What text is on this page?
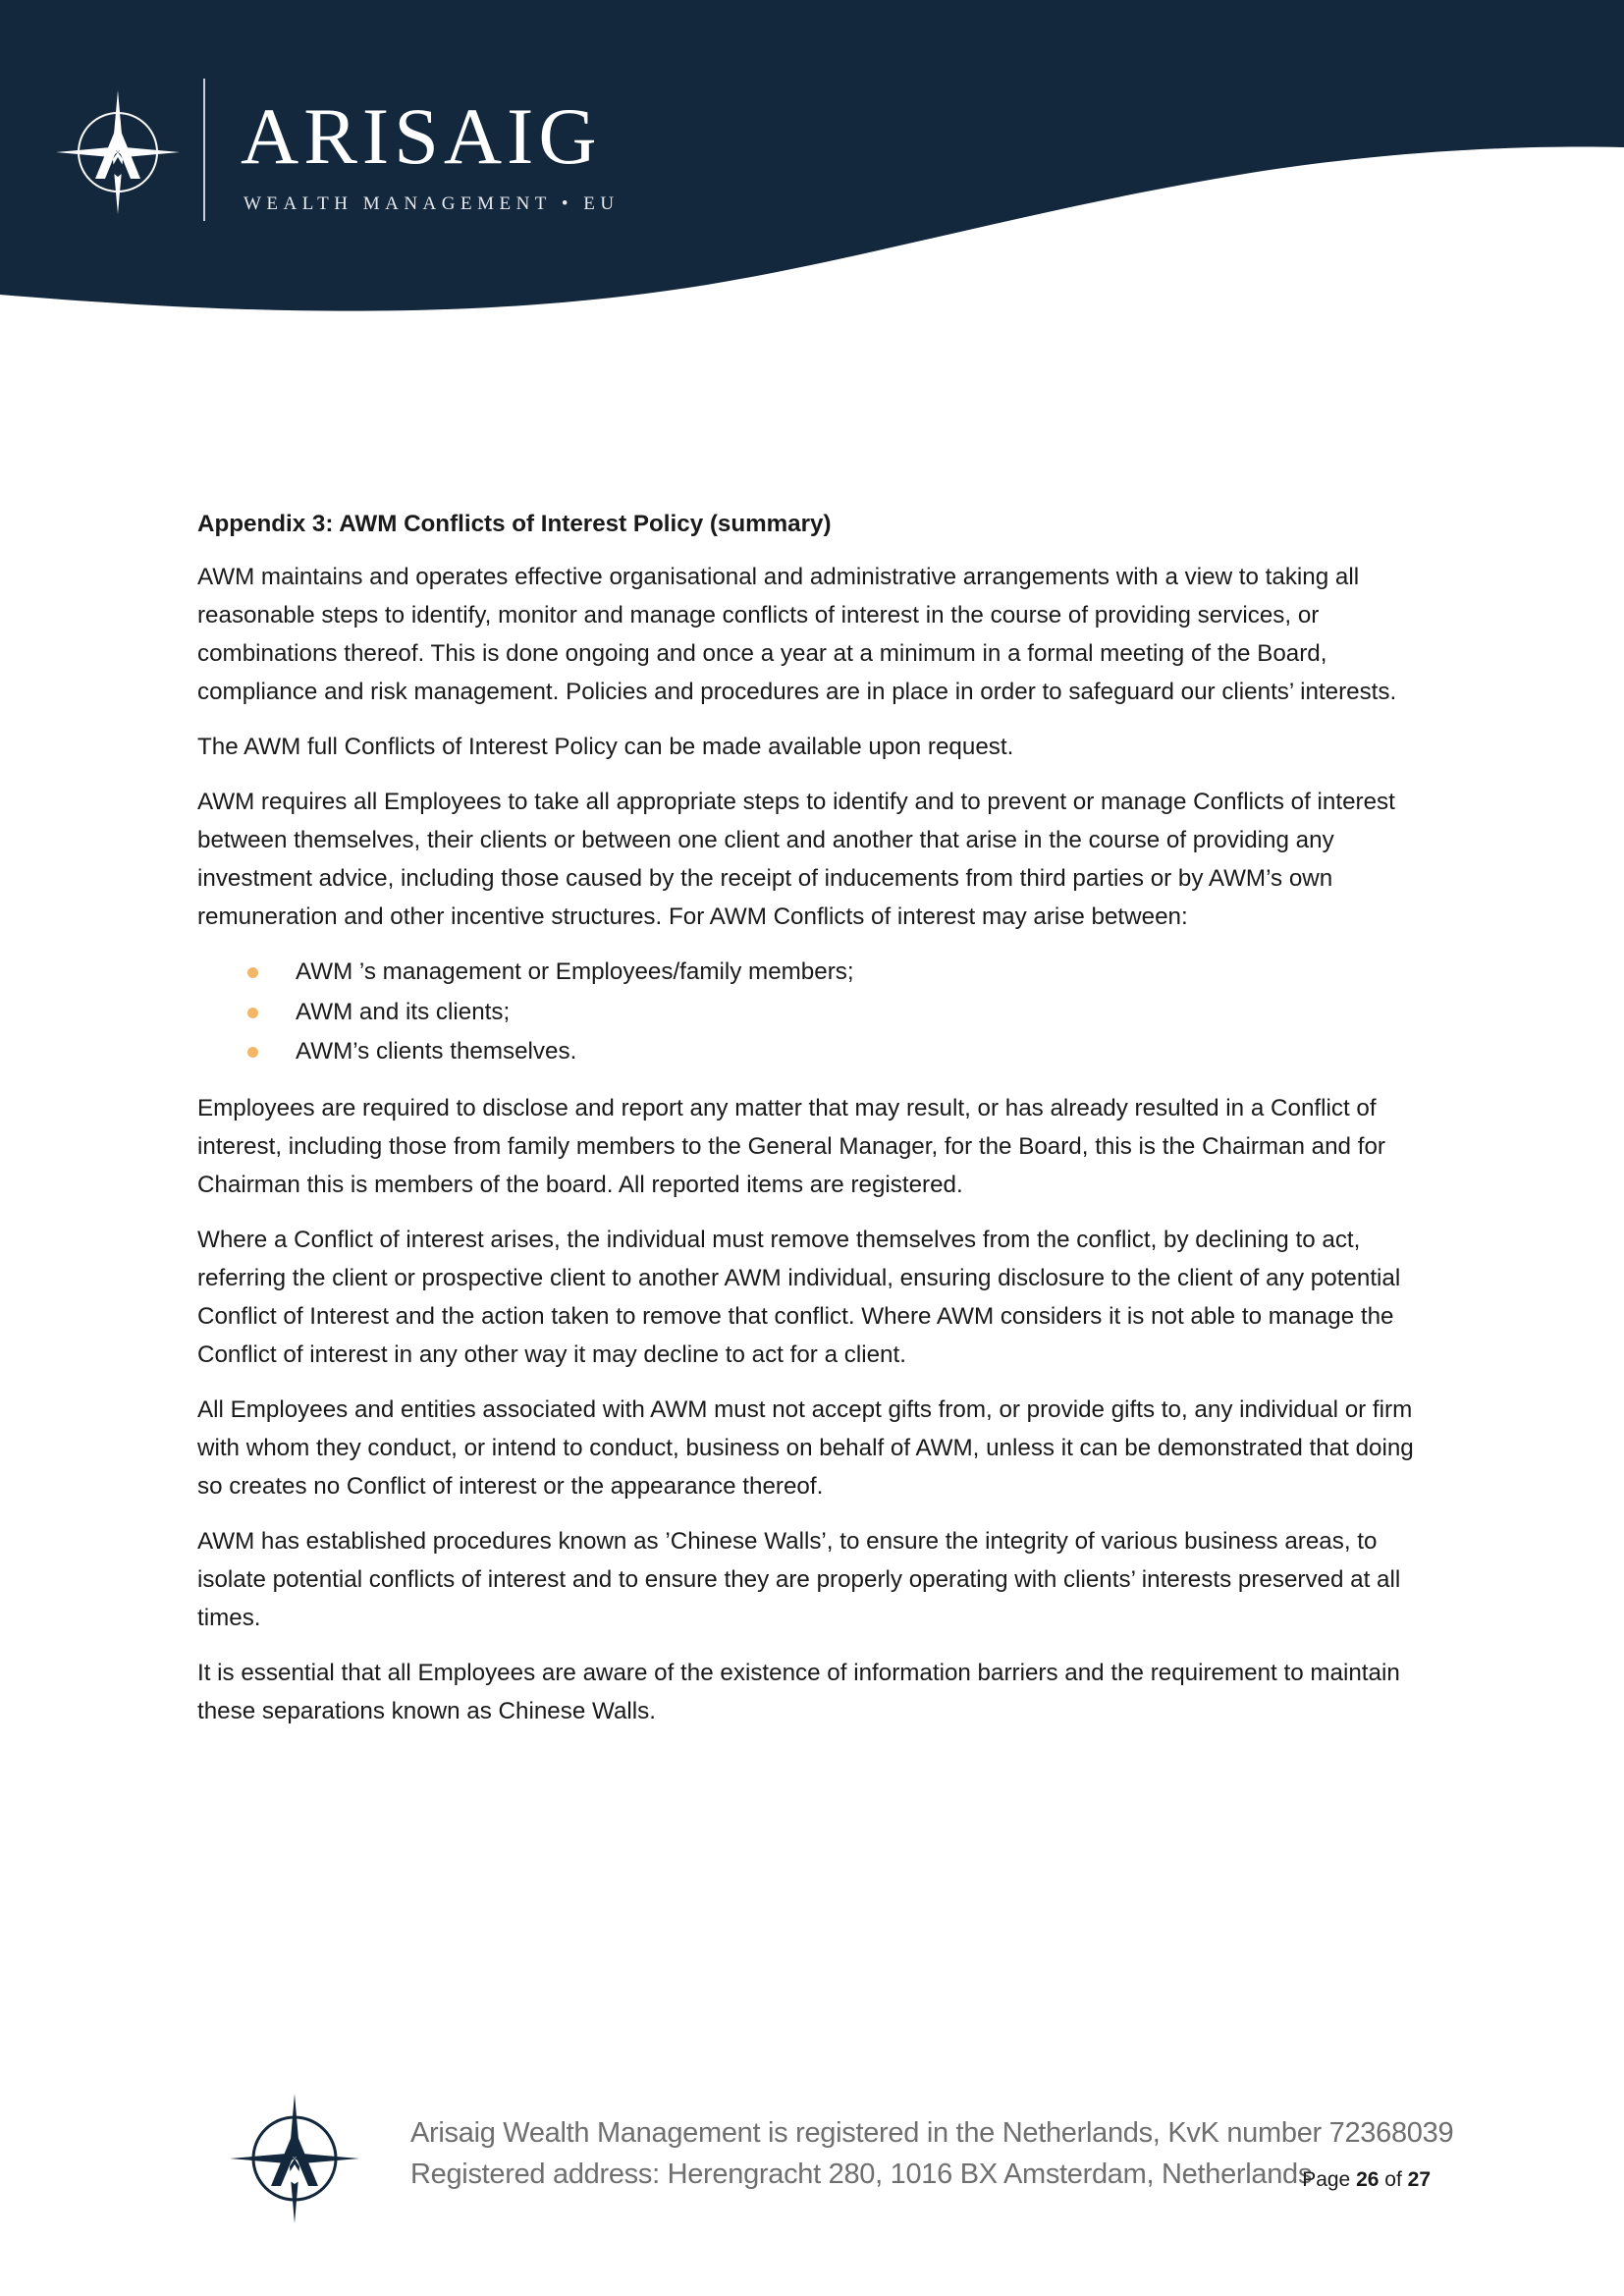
ARISAIG
WEALTH MANAGEMENT • EU
Appendix 3: AWM Conflicts of Interest Policy (summary)

AWM maintains and operates effective organisational and administrative arrangements with a view to taking all reasonable steps to identify, monitor and manage conflicts of interest in the course of providing services, or combinations thereof. This is done ongoing and once a year at a minimum in a formal meeting of the Board, compliance and risk management. Policies and procedures are in place in order to safeguard our clients’ interests.

The AWM full Conflicts of Interest Policy can be made available upon request.

AWM requires all Employees to take all appropriate steps to identify and to prevent or manage Conflicts of interest between themselves, their clients or between one client and another that arise in the course of providing any investment advice, including those caused by the receipt of inducements from third parties or by AWM’s own remuneration and other incentive structures. For AWM Conflicts of interest may arise between:

AWM ’s management or Employees/family members;
AWM and its clients;
AWM’s clients themselves.

Employees are required to disclose and report any matter that may result, or has already resulted in a Conflict of interest, including those from family members to the General Manager, for the Board, this is the Chairman and for Chairman this is members of the board. All reported items are registered.

Where a Conflict of interest arises, the individual must remove themselves from the conflict, by declining to act, referring the client or prospective client to another AWM individual, ensuring disclosure to the client of any potential Conflict of Interest and the action taken to remove that conflict. Where AWM considers it is not able to manage the Conflict of interest in any other way it may decline to act for a client.

All Employees and entities associated with AWM must not accept gifts from, or provide gifts to, any individual or firm with whom they conduct, or intend to conduct, business on behalf of AWM, unless it can be demonstrated that doing so creates no Conflict of interest or the appearance thereof.

AWM has established procedures known as ’Chinese Walls’, to ensure the integrity of various business areas, to isolate potential conflicts of interest and to ensure they are properly operating with clients’ interests preserved at all times.

It is essential that all Employees are aware of the existence of information barriers and the requirement to maintain these separations known as Chinese Walls.

Arisaig Wealth Management is registered in the Netherlands, KvK number 72368039
Registered address: Herengracht 280, 1016 BX Amsterdam, Netherlands
Page 26 of 27
